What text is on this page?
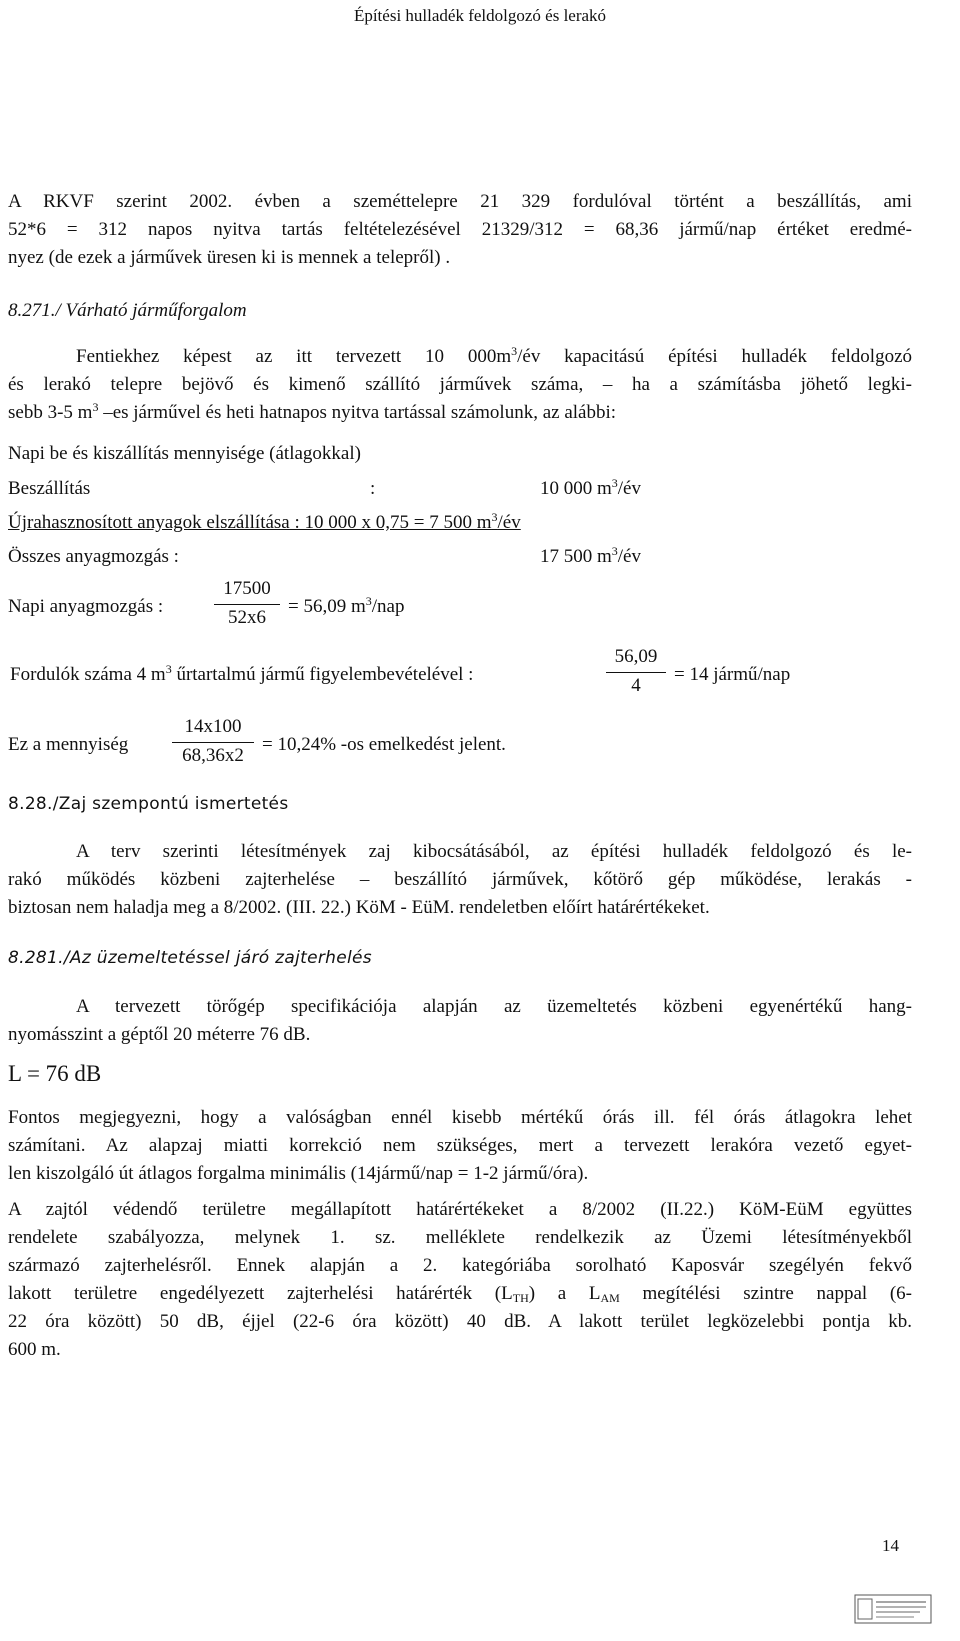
Építési hulladék feldolgozó és lerakó
A RKVF szerint 2002. évben a szeméttelepre 21 329 fordulóval történt a beszállítás, ami
52*6 = 312 napos nyitva tartás feltételezésével 21329/312 = 68,36 jármű/nap értéket eredmé-
nyez (de ezek a járművek üresen ki is mennek a telepről) .
8.271./ Várható járműforgalom
Fentiekhez képest az itt tervezett 10 $000m^3/év$ kapacitású építési hulladék feldolgozó
és lerakó telepre bejövő és kimenő szállító járművek száma, – ha a számításba jöhető legki-
sebb 3-5 $m^3$ –es járművel és heti hatnapos nyitva tartással számolunk, az alábbi:
Napi be és kiszállítás mennyisége (átlagokkal)
Beszállítás	:	10 000 $m^3/év$
Újrahasznosított anyagok elszállítása : 10 000 x 0,75 = 7 500 $m^3/év$
Összes anyagmozgás :	17 500 $m^3/év$
Napi anyagmozgás :
17500
52x6
= 56,09 $m^3$/nap
Fordulók száma 4 $m^3$ űrtartalmú jármű figyelembevételével :
56,09
4
= 14 jármű/nap
Ez a mennyiség
14x100
68,36x2
= 10,24% -os emelkedést jelent.
8.28./Zaj szempontú ismertetés
A terv szerinti létesítmények zaj kibocsátásából, az építési hulladék feldolgozó és le-
rakó működés közbeni zajterhelése – beszállító járművek, kőtörő gép működése, lerakás -
biztosan nem haladja meg a 8/2002. (III. 22.) KöM - EüM. rendeletben előírt határértékeket.
8.281./Az üzemeltetéssel járó zajterhelés
A tervezett törőgép specifikációja alapján az üzemeltetés közbeni egyenértékű hang-
nyomásszint a géptől 20 méterre 76 dB.
L = 76 dB
Fontos megjegyezni, hogy a valóságban ennél kisebb mértékű órás ill. fél órás átlagokra lehet
számítani. Az alapzaj miatti korrekció nem szükséges, mert a tervezett lerakóra vezető egyet-
len kiszolgáló út átlagos forgalma minimális (14jármű/nap = 1-2 jármű/óra).
A zajtól védendő területre megállapított határértékeket a 8/2002 (II.22.) KöM-EüM együttes
rendelete szabályozza, melynek 1. sz. melléklete rendelkezik az Üzemi létesítményekből
származó zajterhelésről. Ennek alapján a 2. kategóriába sorolható Kaposvár szegélyén fekvő
lakott területre engedélyezett zajterhelési határérték $(L_{TH})$ a $L_{AM}$ megítélési szintre nappal (6-
22 óra között) 50 dB, éjjel (22-6 óra között) 40 dB. A lakott terület legközelebbi pontja kb.
600 m.
14
